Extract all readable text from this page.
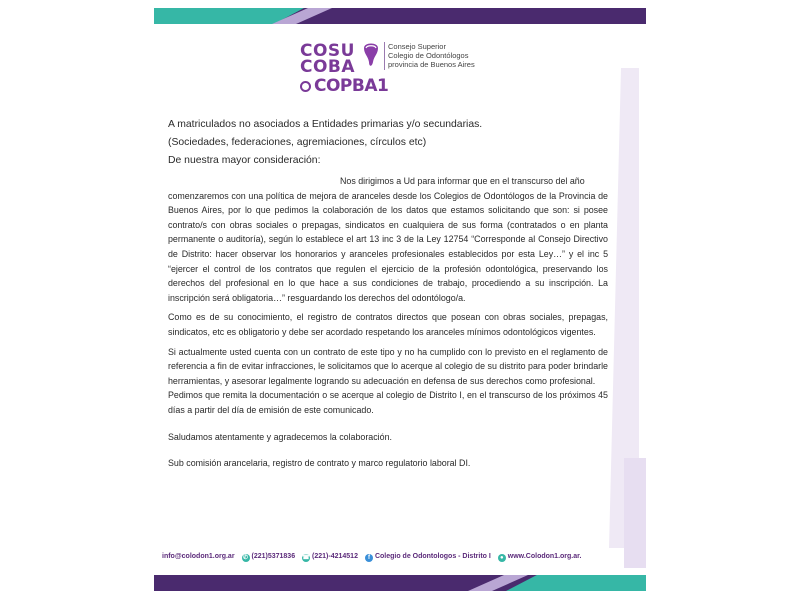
COSU
COBA
Consejo Superior
Colegio de Odontólogos
provincia de Buenos Aires
COPBA1

A matriculados no asociados a Entidades primarias y/o secundarias.

(Sociedades, federaciones, agremiaciones, círculos etc)

De nuestra mayor consideración:

Nos dirigimos a Ud para informar que en el transcurso del año

comenzaremos con una política de mejora de aranceles desde los Colegios de Odontólogos de la Provincia de Buenos Aires, por lo que pedimos la colaboración de los datos que estamos solicitando que son: si posee contrato/s con obras sociales o prepagas, sindicatos en cualquiera de sus forma (contratados o en planta permanente o auditoría), según lo establece el art 13 inc 3 de la Ley 12754 “Corresponde al Consejo Directivo de Distrito: hacer observar los honorarios y aranceles profesionales establecidos por esta Ley…” y el inc 5 “ejercer el control de los contratos que regulen el ejercicio de la profesión odontológica, preservando los derechos del profesional en lo que hace a sus condiciones de trabajo, procediendo a su inscripción. La inscripción será obligatoria…” resguardando los derechos del odontólogo/a.

Como es de su conocimiento, el registro de contratos directos que posean con obras sociales, prepagas, sindicatos, etc es obligatorio y debe ser acordado respetando los aranceles mínimos odontológicos vigentes.

Si actualmente usted cuenta con un contrato de este tipo y no ha cumplido con lo previsto en el reglamento de referencia a fin de evitar infracciones, le solicitamos que lo acerque al colegio de su distrito para poder brindarle herramientas, y asesorar legalmente logrando su adecuación en defensa de sus derechos como profesional.

Pedimos que remita la documentación o se acerque al colegio de Distrito I, en el transcurso de los próximos 45 días a partir del día de emisión de este comunicado.

Saludamos atentamente y agradecemos la colaboración.

Sub comisión arancelaria, registro de contrato y marco regulatorio laboral DI.

info@colodon1.org.ar ✆ (221)5371836 ☎ (221)-4214512 f Colegio de Odontologos - Distrito I ● www.Colodon1.org.ar.
